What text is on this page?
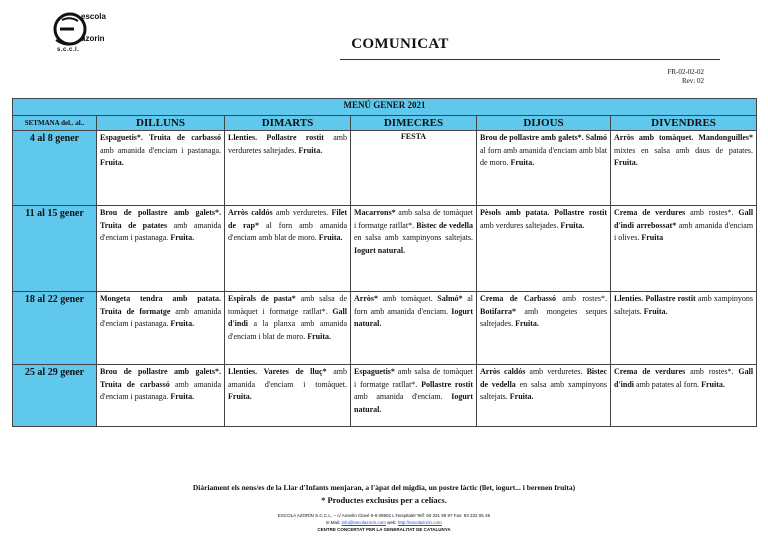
escola
azorin
s.c.c.l.	COMUNICAT
FR-02-02-02
Rev: 02
MENÚ GENER 2021					
SETMANA del.. al..	DILLUNS	DIMARTS	DIMECRES	DIJOUS	DIVENDRES
4 al 8 gener	Espaguetis*. Truita de carbassó amb amanida d'enciam i pastanaga. Fruita.	Llenties. Pollastre rostit amb verduretes saltejades. Fruita.	FESTA	Brou de pollastre amb galets*. Salmó al forn amb amanida d'enciam amb blat de moro. Fruita.	Arròs amb tomàquet. Mandonguilles* mixtes en salsa amb daus de patates. Fruita.
11 al 15 gener	Brou de pollastre amb galets*. Truita de patates amb amanida d'enciam i pastanaga. Fruita.	Arròs caldós amb verduretes. Filet de rap* al forn amb amanida d'enciam amb blat de moro. Fruita.	Macarrons* amb salsa de tomàquet i formatge ratllat*. Bistec de vedella en salsa amb xampinyons saltejats. Iogurt natural.	Pèsols amb patata. Pollastre rostit amb verdures saltejades. Fruita.	Crema de verdures amb rostes*. Gall d'indi arrebossat* amb amanida d'enciam i olives. Fruita
18 al 22 gener	Mongeta tendra amb patata. Truita de formatge amb amanida d'enciam i pastanaga. Fruita.	Espirals de pasta* amb salsa de tomàquet i formatge ratllat*. Gall d'indi a la planxa amb amanida d'enciam i blat de moro. Fruita.	Arròs* amb tomàquet. Salmó* al forn amb amanida d'enciam. Iogurt natural.	Crema de Carbassó amb rostes*. Botifarra* amb mongetes seques saltejades. Fruita.	Llenties. Pollastre rostit amb xampinyons saltejats. Fruita.
25 al 29 gener	Brou de pollastre amb galets*. Truita de carbassó amb amanida d'enciam i pastanaga. Fruita.	Llenties. Varetes de lluç* amb amanida d'enciam i tomàquet. Fruita.	Espaguetis* amb salsa de tomàquet i formatge ratllat*. Pollastre rostit amb amanida d'enciam. Iogurt natural.	Arròs caldós amb verduretes. Bistec de vedella en salsa amb xampinyons saltejats. Fruita.	Crema de verdures amb rostes*. Gall d'indi amb patates al forn. Fruita.
Diàriament els nens/es de la Llar d'Infants menjaran, a l'àpat del migdia, un postre làctic (llet, iogurt... i berenen fruita)
* Productes exclusius per a celíacs.
ESCOLA AZORÍN S.C.C.L. – c/ Anselm Clavé 6-8 08902 L'Hospitalet Telf: 93 331 99 97 Fax: 93 332 05 46
E-Mail: info@escolazorin.com web: http://escolazorin.com
CENTRE CONCERTAT PER LA GENERALITAT DE CATALUNYA
